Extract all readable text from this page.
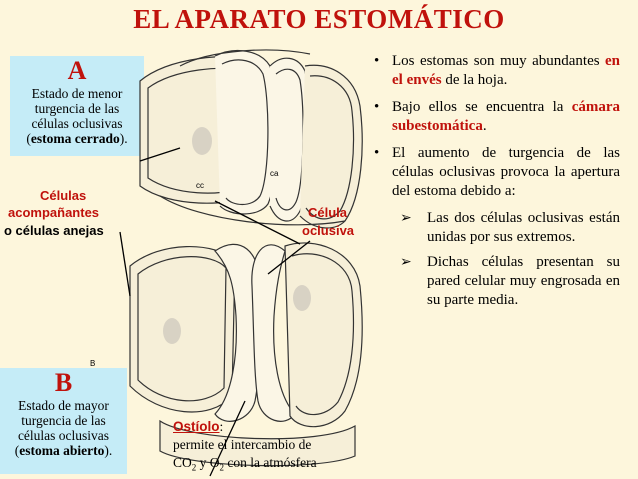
EL APARATO ESTOMÁTICO
A
Estado de menor
turgencia de las
células oclusivas
(estoma cerrado).
B
Estado de mayor
turgencia de las
células oclusivas
(estoma abierto).
cc
ca
B
Células
acompañantes
o células anejas
Célula
oclusiva
Ostíolo:
permite el intercambio de
$CO_2$ y $O_2$ con la atmósfera
• Los estomas son muy abundantes en el envés de la hoja.
• Bajo ellos se encuentra la cámara subestomática.
• El aumento de turgencia de las células oclusivas provoca la apertura del estoma debido a:
➢ Las dos células oclusivas están unidas por sus extremos.
➢ Dichas células presentan su pared celular muy engrosada en su parte media.
